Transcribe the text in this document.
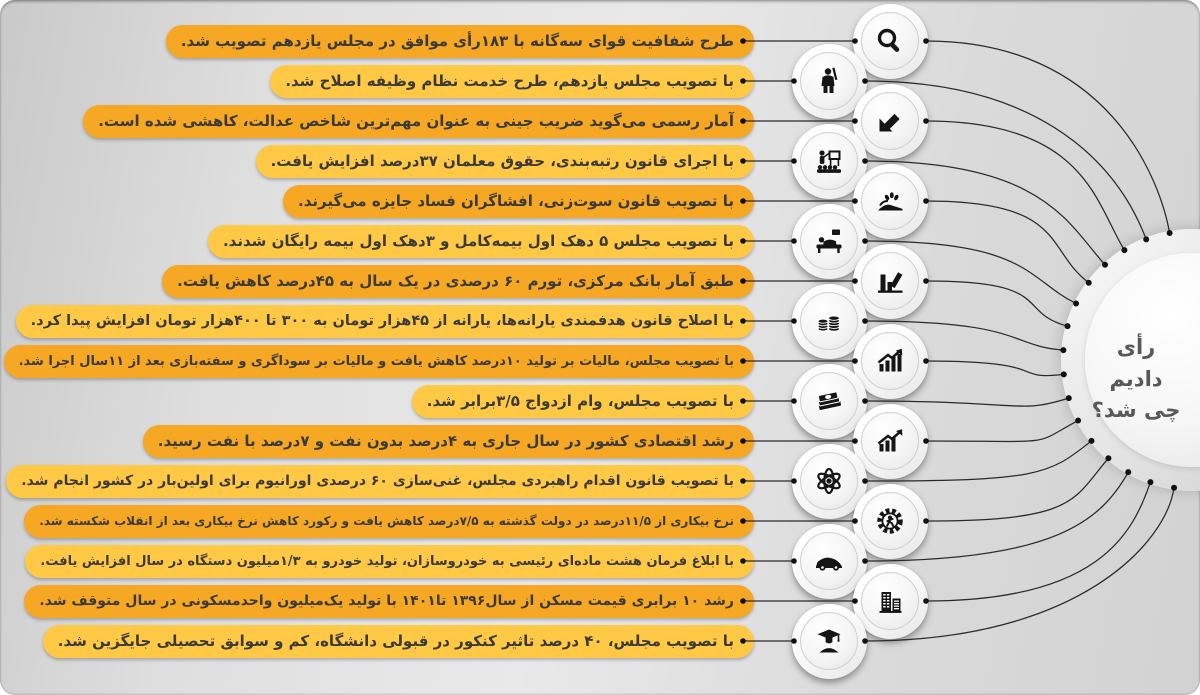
رأی دادیم
چی شد؟
طرح شفافیت قوای سه‌گانه با ۱۸۳رأی موافق در مجلس یازدهم تصویب شد.
با تصویب مجلس یازدهم، طرح خدمت نظام وظیفه اصلاح شد.
آمار رسمی می‌گوید ضریب جینی به عنوان مهم‌ترین شاخص عدالت، کاهشی شده است.
با اجرای قانون رتبه‌بندی، حقوق معلمان ۳۷درصد افزایش یافت.
با تصویب قانون سوت‌زنی، افشاگران فساد جایزه می‌گیرند.
با تصویب مجلس ۵ دهک اول بیمه‌کامل و ۳دهک اول بیمه رایگان شدند.
طبق آمار بانک مرکزی، تورم ۶۰ درصدی در یک سال به ۴۵درصد کاهش یافت.
با اصلاح قانون هدفمندی یارانه‌ها، یارانه از ۴۵هزار تومان به ۳۰۰ تا ۴۰۰هزار تومان افزایش پیدا کرد.
با تصویب مجلس، مالیات بر تولید ۱۰درصد کاهش یافت و مالیات بر سوداگری و سفته‌بازی بعد از ۱۱سال اجرا شد.
با تصویب مجلس، وام ازدواج ۳/۵برابر شد.
رشد اقتصادی کشور در سال جاری به ۴درصد بدون نفت و ۷درصد با نفت رسید.
با تصویب قانون اقدام راهبردی مجلس، غنی‌سازی ۶۰ درصدی اورانیوم برای اولین‌بار در کشور انجام شد.
نرخ بیکاری از ۱۱/۵درصد در دولت گذشته به ۷/۵درصد کاهش یافت و رکورد کاهش نرخ بیکاری بعد از انقلاب شکسته شد.
با ابلاغ فرمان هشت ماده‌ای رئیسی به خودروسازان، تولید خودرو به ۱/۳میلیون دستگاه در سال افزایش یافت.
رشد ۱۰ برابری قیمت مسکن از سال۱۳۹۶ تا۱۴۰۱ با تولید یک‌میلیون واحدمسکونی در سال متوقف شد.
با تصویب مجلس، ۴۰ درصد تاثیر کنکور در قبولی دانشگاه، کم و سوابق تحصیلی جایگزین شد.
